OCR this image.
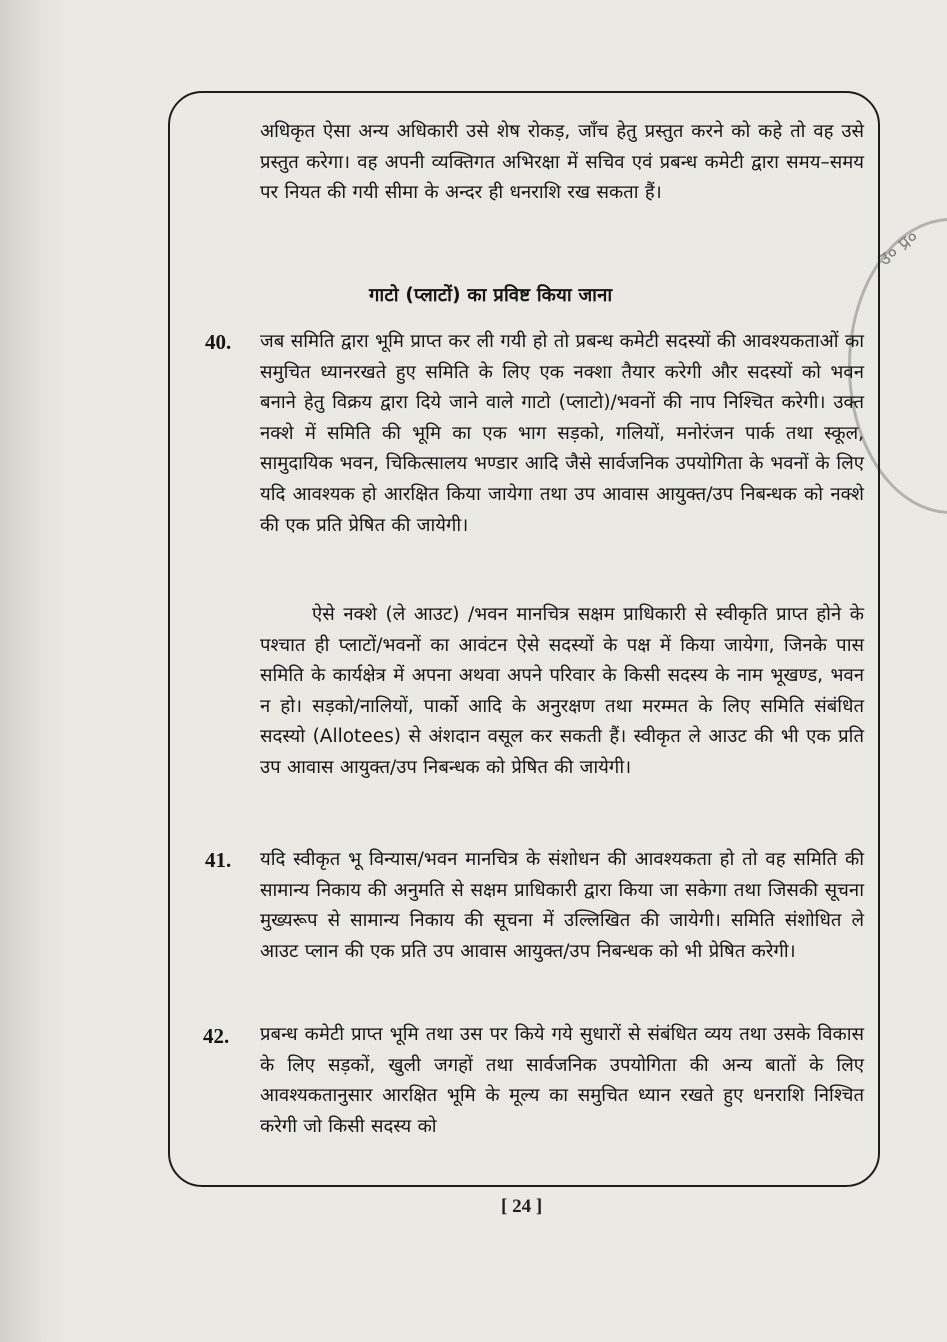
उ० प्र०

अधिकृत ऐसा अन्य अधिकारी उसे शेष रोकड़, जाँच हेतु प्रस्तुत करने को कहे तो वह उसे प्रस्तुत करेगा। वह अपनी व्यक्तिगत अभिरक्षा में सचिव एवं प्रबन्ध कमेटी द्वारा समय–समय पर नियत की गयी सीमा के अन्दर ही धनराशि रख सकता हैं।

गाटो (प्लाटों) का प्रविष्ट किया जाना
40. जब समिति द्वारा भूमि प्राप्त कर ली गयी हो तो प्रबन्ध कमेटी सदस्यों की आवश्यकताओं का समुचित ध्यानरखते हुए समिति के लिए एक नक्शा तैयार करेगी और सदस्यों को भवन बनाने हेतु विक्रय द्वारा दिये जाने वाले गाटो (प्लाटो)/भवनों की नाप निश्चित करेगी। उक्त नक्शे में समिति की भूमि का एक भाग सड़को, गलियों, मनोरंजन पार्क तथा स्कूल, सामुदायिक भवन, चिकित्सालय भण्डार आदि जैसे सार्वजनिक उपयोगिता के भवनों के लिए यदि आवश्यक हो आरक्षित किया जायेगा तथा उप आवास आयुक्त/उप निबन्धक को नक्शे की एक प्रति प्रेषित की जायेगी।

ऐसे नक्शे (ले आउट) /भवन मानचित्र सक्षम प्राधिकारी से स्वीकृति प्राप्त होने के पश्चात ही प्लाटों/भवनों का आवंटन ऐसे सदस्यों के पक्ष में किया जायेगा, जिनके पास समिति के कार्यक्षेत्र में अपना अथवा अपने परिवार के किसी सदस्य के नाम भूखण्ड, भवन न हो। सड़को/नालियों, पार्को आदि के अनुरक्षण तथा मरम्मत के लिए समिति संबंधित सदस्यो (Allotees) से अंशदान वसूल कर सकती हैं। स्वीकृत ले आउट की भी एक प्रति उप आवास आयुक्त/उप निबन्धक को प्रेषित की जायेगी।

41. यदि स्वीकृत भू विन्यास/भवन मानचित्र के संशोधन की आवश्यकता हो तो वह समिति की सामान्य निकाय की अनुमति से सक्षम प्राधिकारी द्वारा किया जा सकेगा तथा जिसकी सूचना मुख्यरूप से सामान्य निकाय की सूचना में उल्लिखित की जायेगी। समिति संशोधित ले आउट प्लान की एक प्रति उप आवास आयुक्त/उप निबन्धक को भी प्रेषित करेगी।

42. प्रबन्ध कमेटी प्राप्त भूमि तथा उस पर किये गये सुधारों से संबंधित व्यय तथा उसके विकास के लिए सड़कों, खुली जगहों तथा सार्वजनिक उपयोगिता की अन्य बातों के लिए आवश्यकतानुसार आरक्षित भूमि के मूल्य का समुचित ध्यान रखते हुए धनराशि निश्चित करेगी जो किसी सदस्य को

[ 24 ]
